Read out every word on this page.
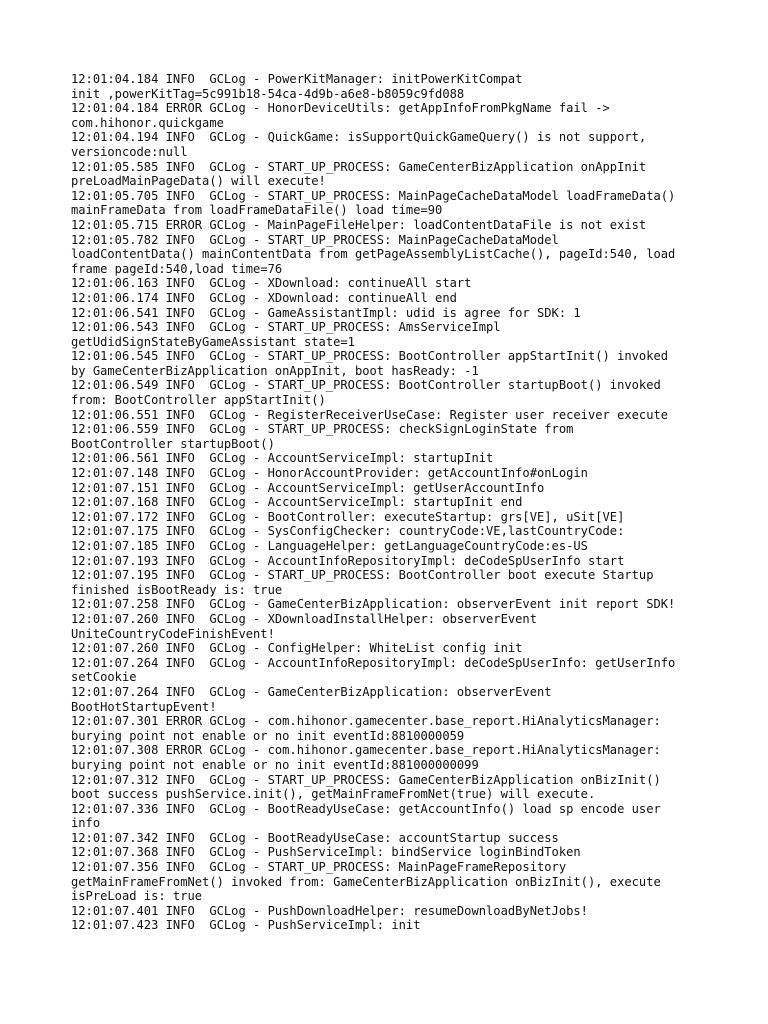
12:01:04.184 INFO  GCLog - PowerKitManager: initPowerKitCompat
init ,powerKitTag=5c991b18-54ca-4d9b-a6e8-b8059c9fd088
12:01:04.184 ERROR GCLog - HonorDeviceUtils: getAppInfoFromPkgName fail ->
com.hihonor.quickgame
12:01:04.194 INFO  GCLog - QuickGame: isSupportQuickGameQuery() is not support,
versioncode:null
12:01:05.585 INFO  GCLog - START_UP_PROCESS: GameCenterBizApplication onAppInit
preLoadMainPageData() will execute!
12:01:05.705 INFO  GCLog - START_UP_PROCESS: MainPageCacheDataModel loadFrameData()
mainFrameData from loadFrameDataFile() load time=90
12:01:05.715 ERROR GCLog - MainPageFileHelper: loadContentDataFile is not exist
12:01:05.782 INFO  GCLog - START_UP_PROCESS: MainPageCacheDataModel
loadContentData() mainContentData from getPageAssemblyListCache(), pageId:540, load
frame pageId:540,load time=76
12:01:06.163 INFO  GCLog - XDownload: continueAll start
12:01:06.174 INFO  GCLog - XDownload: continueAll end
12:01:06.541 INFO  GCLog - GameAssistantImpl: udid is agree for SDK: 1
12:01:06.543 INFO  GCLog - START_UP_PROCESS: AmsServiceImpl
getUdidSignStateByGameAssistant state=1
12:01:06.545 INFO  GCLog - START_UP_PROCESS: BootController appStartInit() invoked
by GameCenterBizApplication onAppInit, boot hasReady: -1
12:01:06.549 INFO  GCLog - START_UP_PROCESS: BootController startupBoot() invoked
from: BootController appStartInit()
12:01:06.551 INFO  GCLog - RegisterReceiverUseCase: Register user receiver execute
12:01:06.559 INFO  GCLog - START_UP_PROCESS: checkSignLoginState from
BootController startupBoot()
12:01:06.561 INFO  GCLog - AccountServiceImpl: startupInit
12:01:07.148 INFO  GCLog - HonorAccountProvider: getAccountInfo#onLogin
12:01:07.151 INFO  GCLog - AccountServiceImpl: getUserAccountInfo
12:01:07.168 INFO  GCLog - AccountServiceImpl: startupInit end
12:01:07.172 INFO  GCLog - BootController: executeStartup: grs[VE], uSit[VE]
12:01:07.175 INFO  GCLog - SysConfigChecker: countryCode:VE,lastCountryCode:
12:01:07.185 INFO  GCLog - LanguageHelper: getLanguageCountryCode:es-US
12:01:07.193 INFO  GCLog - AccountInfoRepositoryImpl: deCodeSpUserInfo start
12:01:07.195 INFO  GCLog - START_UP_PROCESS: BootController boot execute Startup
finished isBootReady is: true
12:01:07.258 INFO  GCLog - GameCenterBizApplication: observerEvent init report SDK!
12:01:07.260 INFO  GCLog - XDownloadInstallHelper: observerEvent
UniteCountryCodeFinishEvent!
12:01:07.260 INFO  GCLog - ConfigHelper: WhiteList config init
12:01:07.264 INFO  GCLog - AccountInfoRepositoryImpl: deCodeSpUserInfo: getUserInfo
setCookie
12:01:07.264 INFO  GCLog - GameCenterBizApplication: observerEvent
BootHotStartupEvent!
12:01:07.301 ERROR GCLog - com.hihonor.gamecenter.base_report.HiAnalyticsManager:
burying point not enable or no init eventId:8810000059
12:01:07.308 ERROR GCLog - com.hihonor.gamecenter.base_report.HiAnalyticsManager:
burying point not enable or no init eventId:881000000099
12:01:07.312 INFO  GCLog - START_UP_PROCESS: GameCenterBizApplication onBizInit()
boot success pushService.init(), getMainFrameFromNet(true) will execute.
12:01:07.336 INFO  GCLog - BootReadyUseCase: getAccountInfo() load sp encode user
info
12:01:07.342 INFO  GCLog - BootReadyUseCase: accountStartup success
12:01:07.368 INFO  GCLog - PushServiceImpl: bindService loginBindToken
12:01:07.356 INFO  GCLog - START_UP_PROCESS: MainPageFrameRepository
getMainFrameFromNet() invoked from: GameCenterBizApplication onBizInit(), execute
isPreLoad is: true
12:01:07.401 INFO  GCLog - PushDownloadHelper: resumeDownloadByNetJobs!
12:01:07.423 INFO  GCLog - PushServiceImpl: init
